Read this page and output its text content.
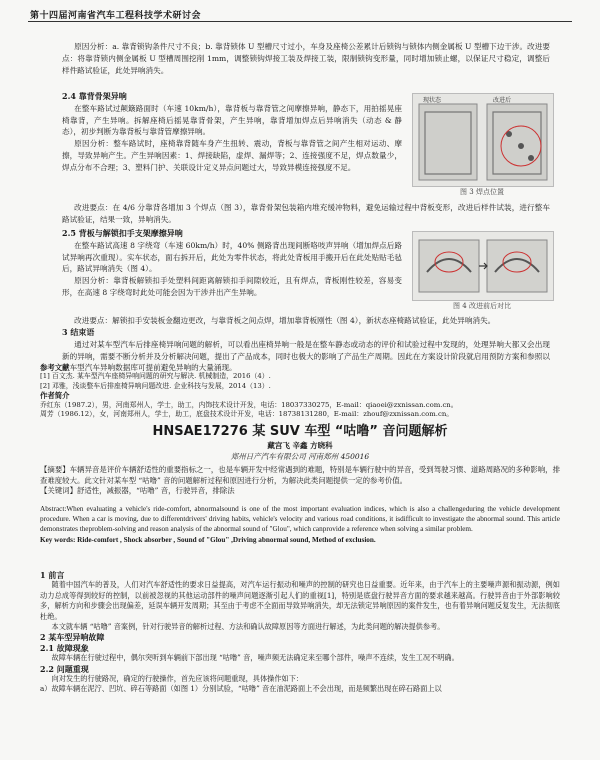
第十四届河南省汽车工程科技学术研讨会

原因分析：a. 靠背锁钩条件尺寸不良；b. 靠背锁体 U 型槽尺寸过小，车身及座椅公差累计后锁钩与锁体内侧金属板 U 型槽下边干涉。改进要点：将靠背锁内侧金属板 U 型槽周围挖削 1mm，调整锁钩焊接工装及焊接工装，限制锁钩变形量，同时增加锁止螺，以保证尺寸稳定，调整后样件路试验证，此处异响消失。

2.4 靠背骨架异响

在整车路试过颠簸路面时（车速 10km/h），靠背板与靠背管之间摩擦异响，静态下，用拍摇晃座椅靠背，产生异响。拆解座椅后摇晃靠背骨架，产生异响，靠背增加焊点后异响消失（动态 & 静态），初步判断为靠背板与靠背管摩擦异响。

原因分析：整车路试时，座椅靠背随车身产生扭转、震动，背板与靠背管之间产生相对运动、摩擦，导致异响产生。产生异响因素：1、焊接缺陷，虚焊、漏焊等；2、连接强度不足，焊点数量少，焊点分布不合理；3、塑料门护、关联设计定义异点问题过大，导致异模连接强度不足。

改进要点：在 4/6 分靠背各增加 3 个焊点（图 3），靠背骨架包装箱内堆充缓冲物料，避免运输过程中背板变形，改进后样件试装，进行整车路试验证，结果一致，异响消失。

现状态	改进后
图 3 焊点位置
2.5 背板与解锁扣手支架摩擦异响

在整车路试高速 8 字绕弯（车速 60km/h）时，40% 侧路背出现间断咯吱声异响（增加焊点后路试异响再次重现）。实车状态，面右拆开后，此处为零件状态，将此处背板用手搬开后在此处贴贴毛毡后，路试异响消失（图 4）。

原因分析：靠背板解锁扣手处塑料间距离解锁扣手间隙较近，且有焊点，背板刚性较差，容易变形，在高速 8 字绕弯时此处可能会因为干涉并出产生异响。

图 4 改进前后对比

改进要点：解锁扣手安装板金翻边更改，与靠背板之间点焊，增加靠背板刚性（图 4），新状态座椅路试验证，此处异响消失。

3 结束语

通过对某车型汽车后排座椅异响问题的解析，可以看出座椅异响一般是在整车静态或动态的评价和试验过程中发现的，处理异响大都又会出现新的异响，需要不断分析并及分析解决问题，提出了产品成本，同时也极大的影响了产品生产周期。因此在方案设计阶段就启用预防方案和参照以往车型汽车异响数据库可提前避免异响的大量涌现。

参考文献
[1] 百文杰. 某车型汽车座椅异响问题的研究与解决. 机械制造，2016（4）.
[2] 邓雅，浅谈整车后排座椅异响问题改进. 企业科技与发展，2014（13）.
作者简介
乔红东（1987.2），男，河南郑州人，学士，助工，内饰技术设计开发，电话：18037330275，E-mail：qiaoei@zxnissan.com.cn。
周芳（1986.12），女，河南郑州人，学士，助工，底盘技术设计开发，电话：18738131280，E-mail：zhouf@zxnissan.com.cn。
HNSAE17276 某 SUV 车型 “咕噜” 音问题解析
藏宫飞 辛鑫 方晓科
郑州日产汽车有限公司 河南郑州 450016

【摘要】车辆异音是评价车辆舒适性的重要指标之一，也是车辆开发中经常遇到的难题，特别是车辆行驶中的异音，受到驾驶习惯、道路周路况的多种影响，排查难度较大。此文针对某车型 “咕噜” 音的问题解析过程和原因进行分析，为解决此类问题提供一定的参考价值。

【关键词】舒适性，减振器，“咕噜” 音，行驶异音，排除法

Abstract:When evaluating a vehicle's ride-comfort, abnormalsound is one of the most important evaluation indices, which is also a challengeduring the vehicle development procedure. When a car is moving, due to differentdrivers' driving habits, vehicle's velocity and various road conditions, it isdifficult to investigate the abnormal sound. This article demonstrates theproblem-solving and reason analysis of the abnormal sound of "Glou", which canprovide a reference when solving a similar problem.

Key words: Ride-comfort , Shock absorber , Sound of "Glou" ,Driving abnormal sound, Method of exclusion.

1 前言

随着中国汽车的普及，人们对汽车舒适性的要求日益提高，对汽车运行振动和噪声的控制的研究也日益重要。近年来，由于汽车上的主要噪声源和振动源，例如动力总成等得到较好的控制，以前被忽视的其他运动部件的噪声问题逐渐引起人们的重视[1]，特别是底盘行驶异音方面的要求越来越高。行驶异音由于外部影响较多，解析方向和步骤会出现偏差，延误车辆开发周期；其至由于考虑不全面而导致异响消失，却无法锁定异响原因的案件发生，也有着异响问题反复发生，无法彻底杜绝。

本文就车辆 “咕噜” 音案例，针对行驶异音的解析过程、方法和确认故障原因等方面进行解述，为此类问题的解决提供参考。

2 某车型异响故障
2.1 故障现象

故障车辆在行驶过程中，偶尔突听到车辆前下部出现 “咕噜” 音，噪声频无法确定来至哪个部件，噪声不连续，发生工况不明确。

2.2 问题重现

向对发生的行驶路况，确定的行驶操作，首先应该将问题重现，具体操作如下：

a）故障车辆在泥泞、凹坑、碎石等路面（如图 1）分别试验，“咕噜” 音在油泥路面上不会出现，而是频繁出现在碎石路面上以
